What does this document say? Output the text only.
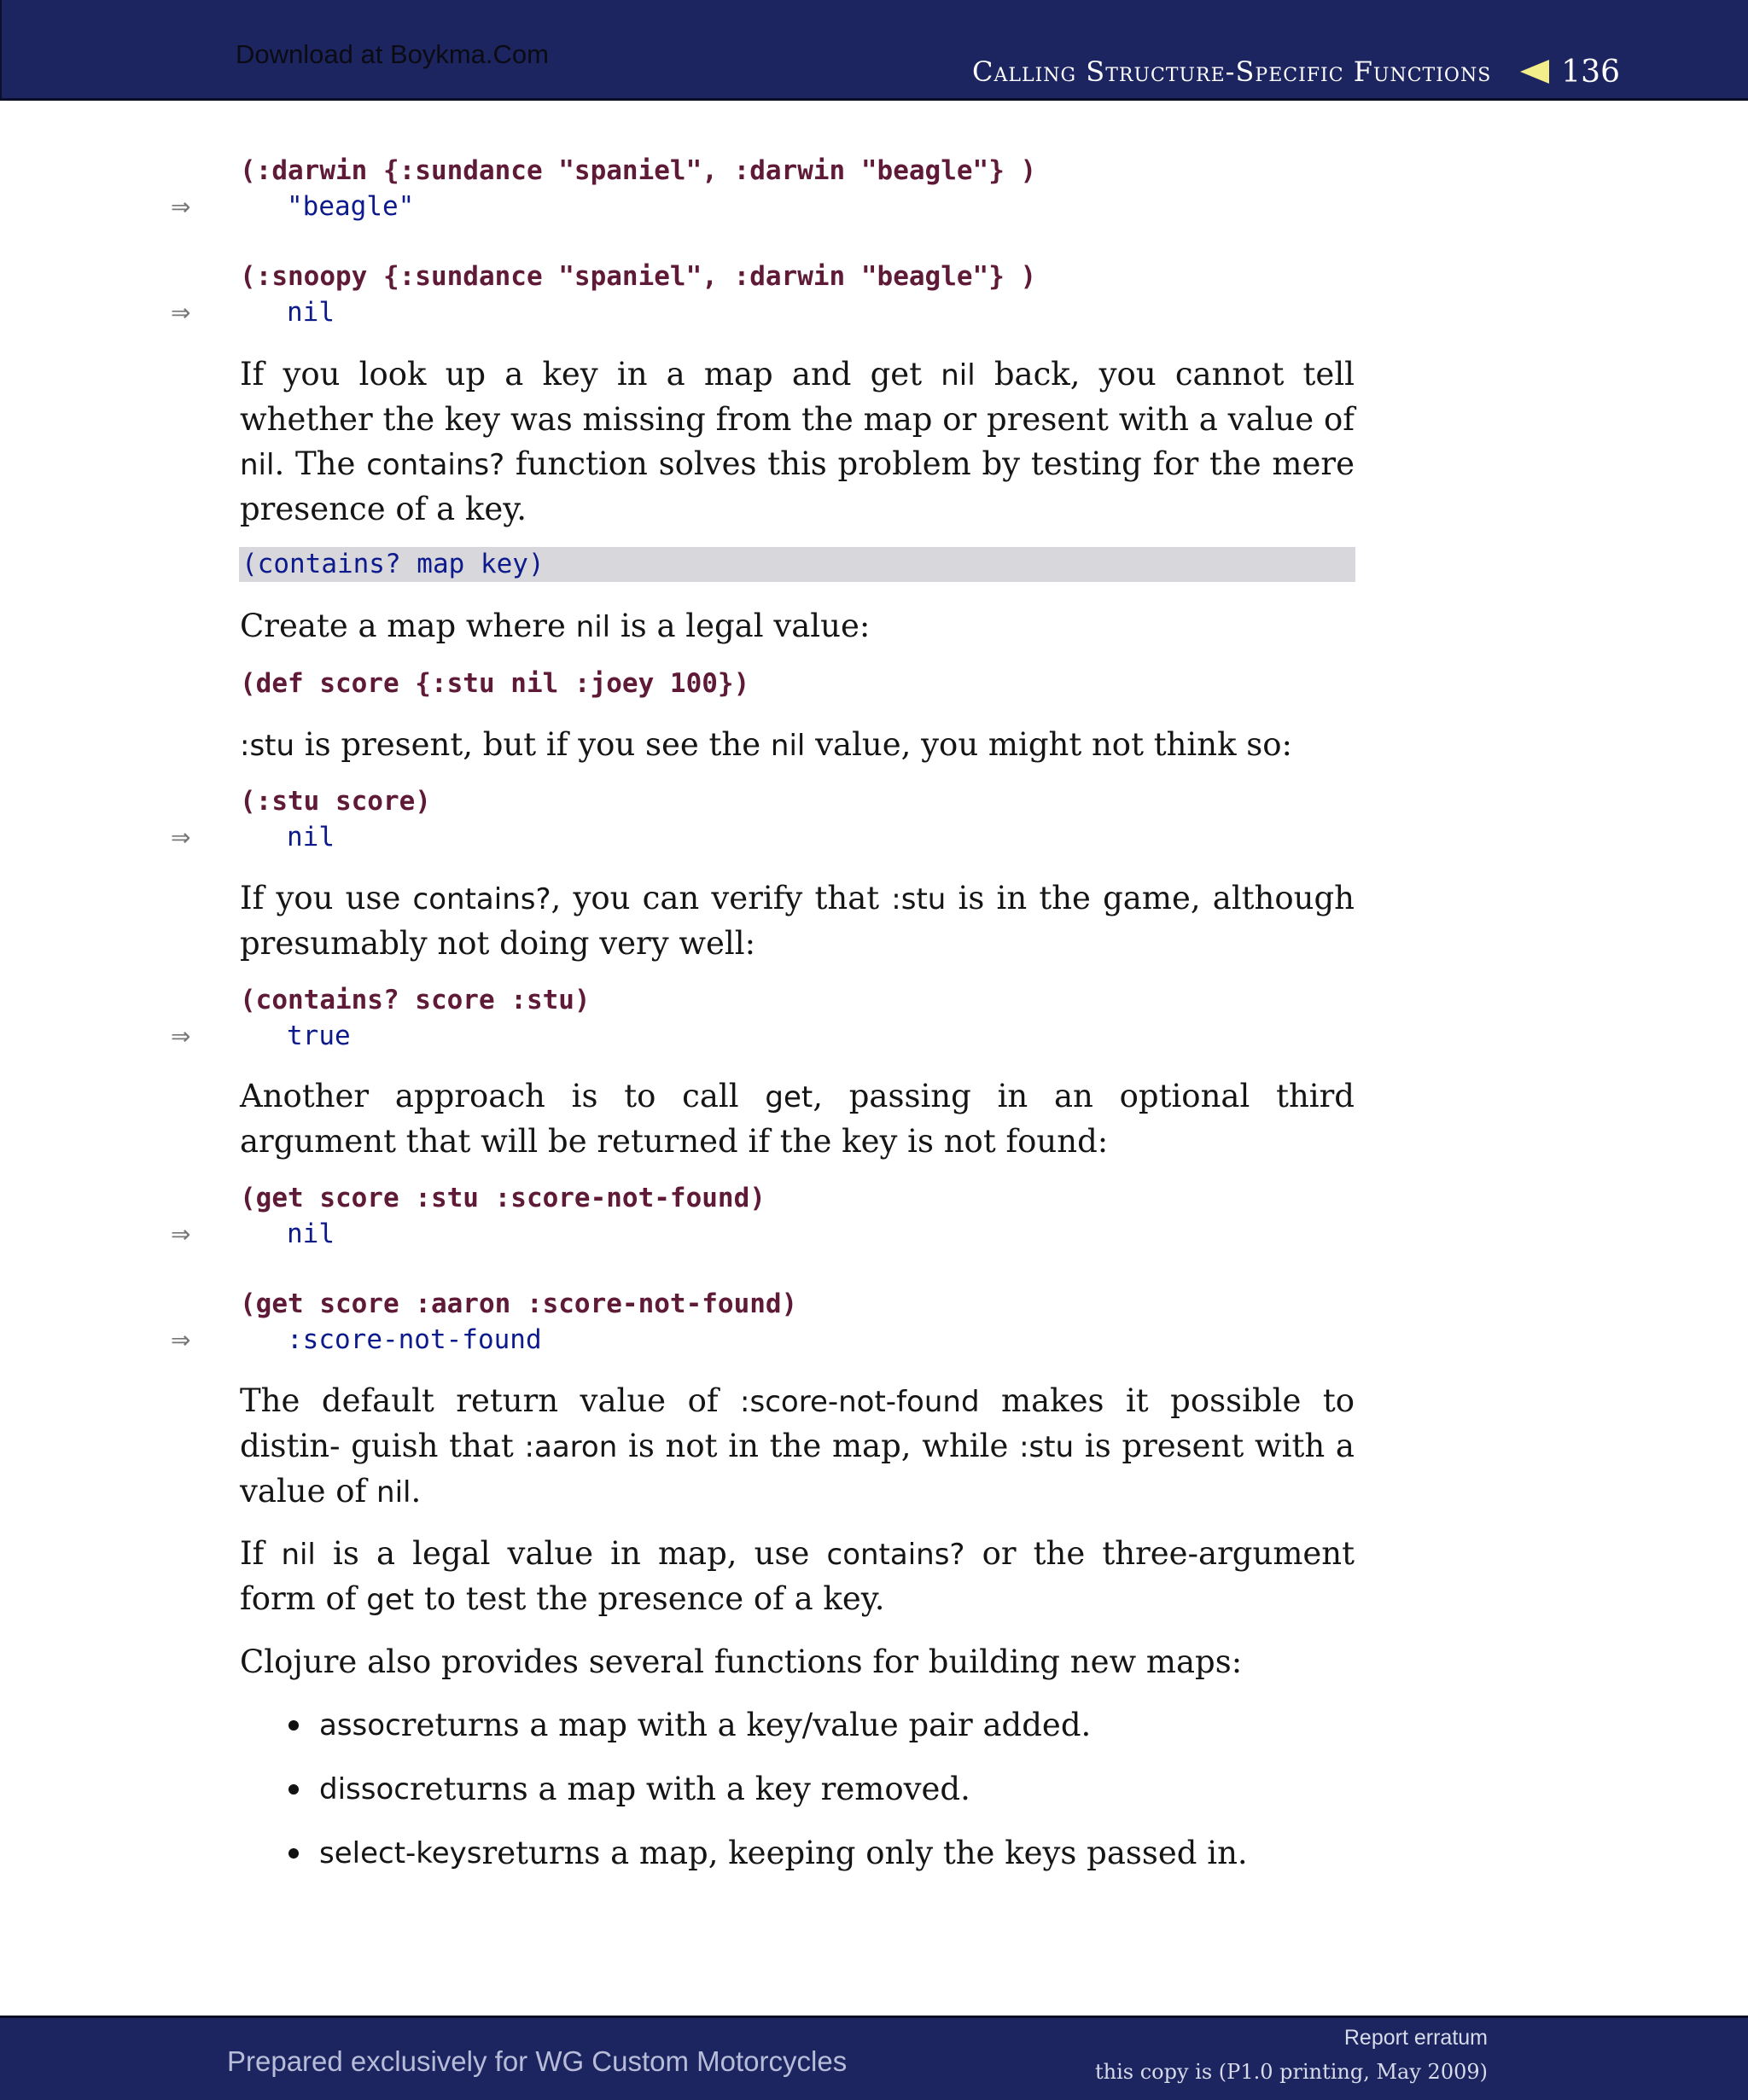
Download at Boykma.Com
Calling Structure-Specific Functions 136
(:darwin {:sundance "spaniel", :darwin "beagle"} )
⇒	"beagle"
(:snoopy {:sundance "spaniel", :darwin "beagle"} )
⇒	nil
If you look up a key in a map and get nil back, you cannot tell whether the key was missing from the map or present with a value of nil. The contains? function solves this problem by testing for the mere presence of a key.
(contains? map key)
Create a map where nil is a legal value:
(def score {:stu nil :joey 100})
:stu is present, but if you see the nil value, you might not think so:
(:stu score)
⇒	nil
If you use contains?, you can verify that :stu is in the game, although presumably not doing very well:
(contains? score :stu)
⇒	true
Another approach is to call get, passing in an optional third argument that will be returned if the key is not found:
(get score :stu :score-not-found)
⇒	nil
(get score :aaron :score-not-found)
⇒	:score-not-found
The default return value of :score-not-found makes it possible to distin- guish that :aaron is not in the map, while :stu is present with a value of nil.
If nil is a legal value in map, use contains? or the three-argument form of get to test the presence of a key.
Clojure also provides several functions for building new maps:
assoc returns a map with a key/value pair added.
dissoc returns a map with a key removed.
select-keys returns a map, keeping only the keys passed in.
Prepared exclusively for WG Custom Motorcycles
Report erratum
this copy is (P1.0 printing, May 2009)
